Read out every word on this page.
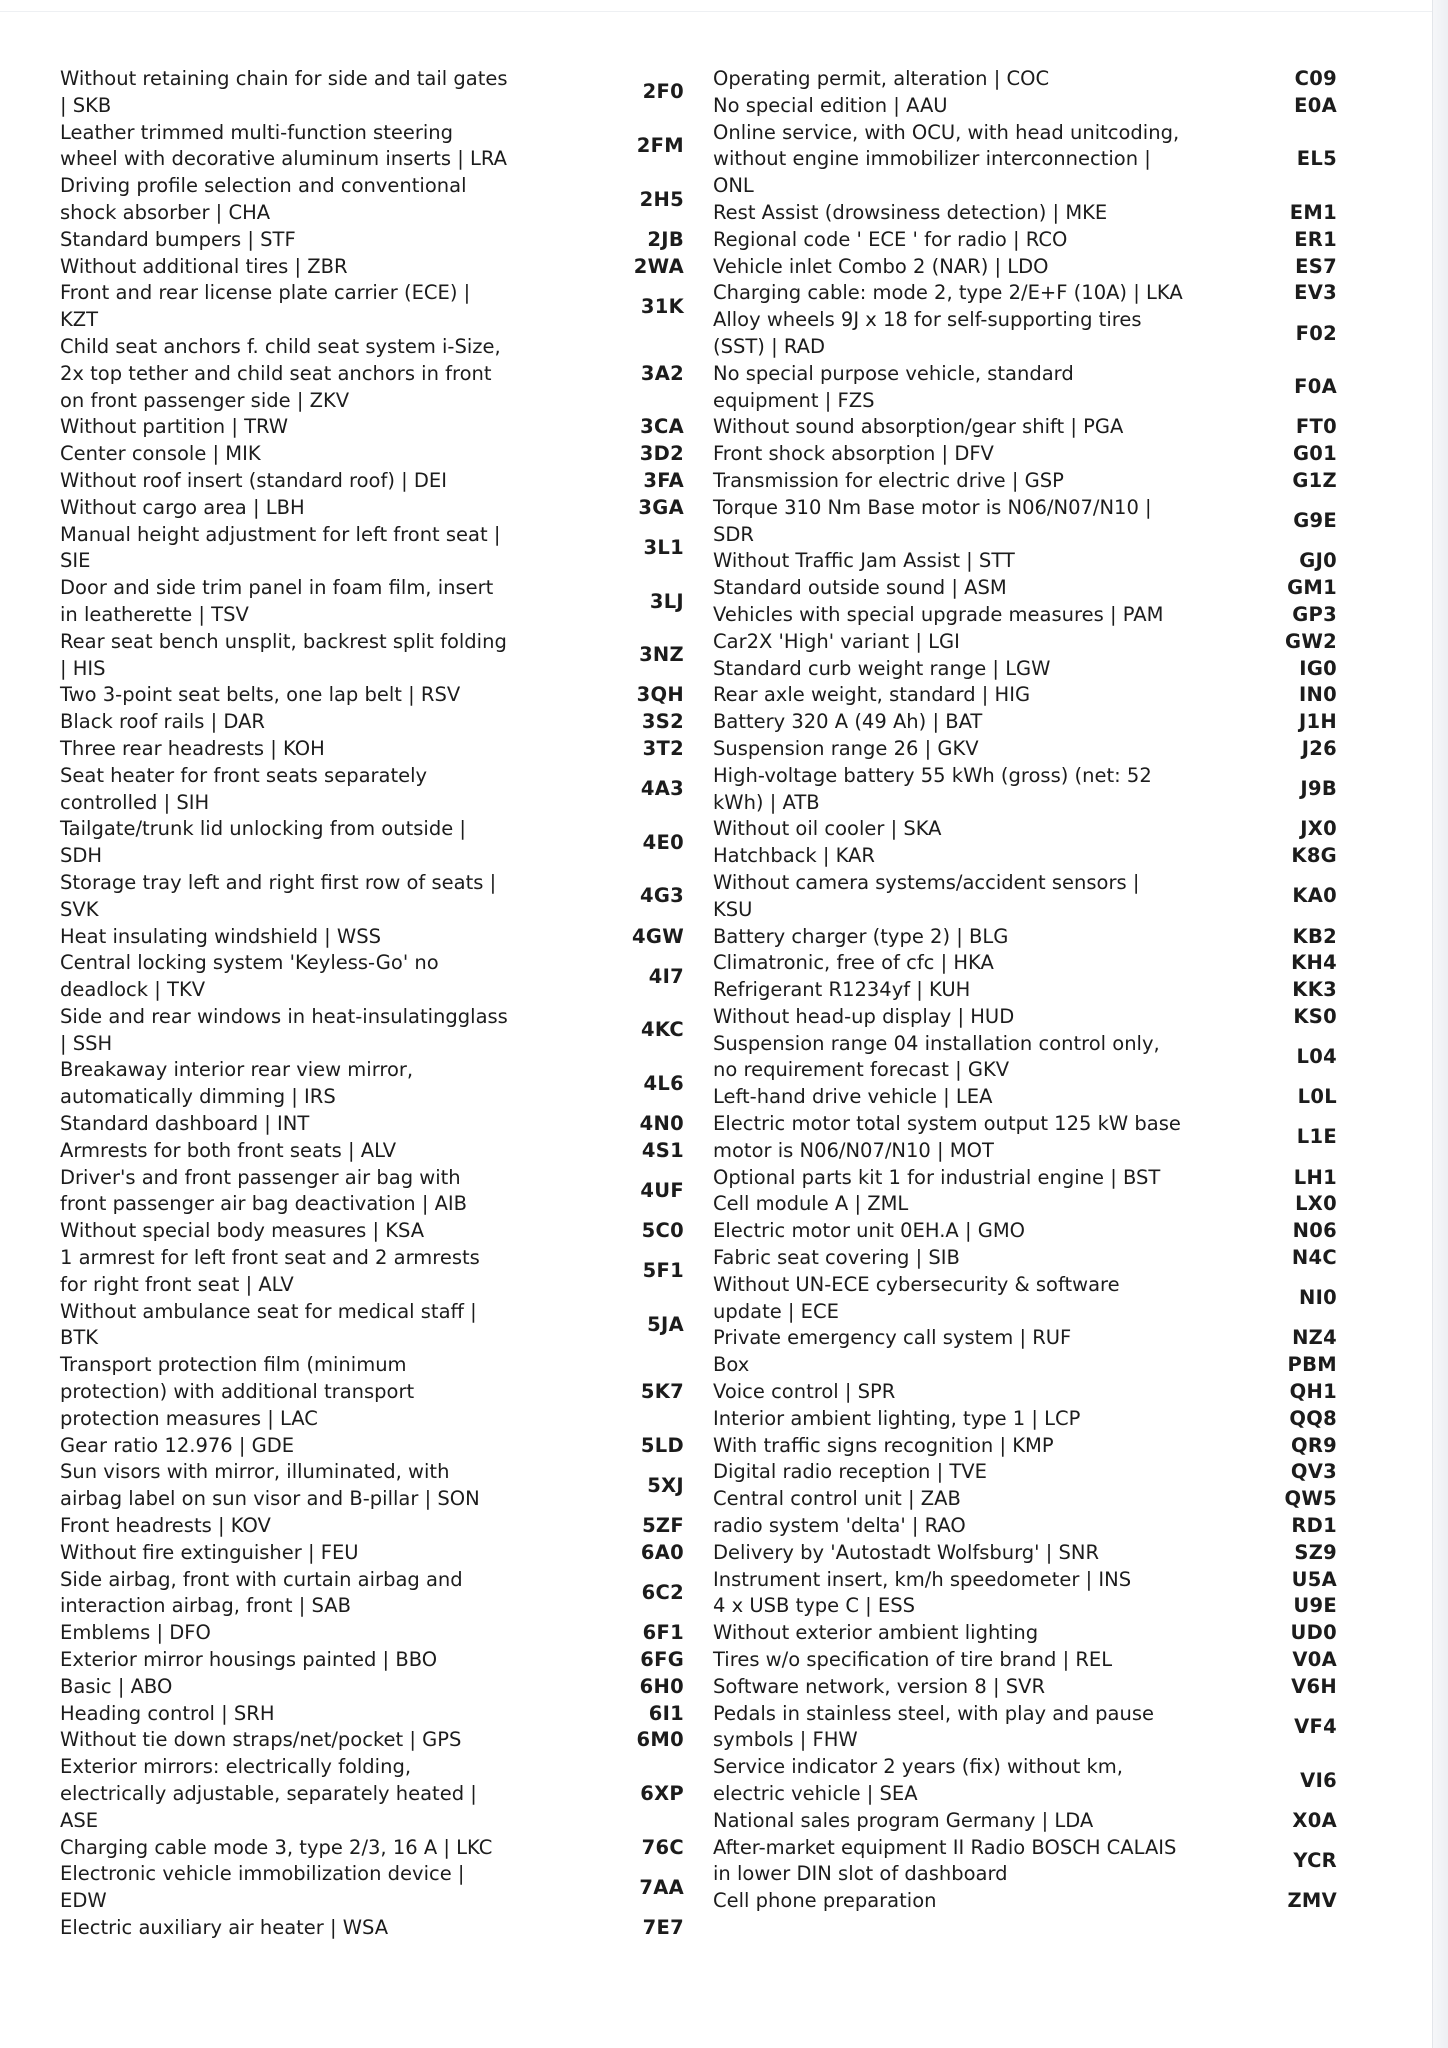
Without retaining chain for side and tail gates | SKB	2F0
Leather trimmed multi-function steering wheel with decorative aluminum inserts | LRA	2FM
Driving profile selection and conventional shock absorber | CHA	2H5
Standard bumpers | STF	2JB
Without additional tires | ZBR	2WA
Front and rear license plate carrier (ECE) | KZT	31K
Child seat anchors f. child seat system i-Size, 2x top tether and child seat anchors in front on front passenger side | ZKV	3A2
Without partition | TRW	3CA
Center console | MIK	3D2
Without roof insert (standard roof) | DEI	3FA
Without cargo area | LBH	3GA
Manual height adjustment for left front seat | SIE	3L1
Door and side trim panel in foam film, insert in leatherette | TSV	3LJ
Rear seat bench unsplit, backrest split folding | HIS	3NZ
Two 3-point seat belts, one lap belt | RSV	3QH
Black roof rails | DAR	3S2
Three rear headrests | KOH	3T2
Seat heater for front seats separately controlled | SIH	4A3
Tailgate/trunk lid unlocking from outside | SDH	4E0
Storage tray left and right first row of seats | SVK	4G3
Heat insulating windshield | WSS	4GW
Central locking system 'Keyless-Go' no deadlock | TKV	4I7
Side and rear windows in heat-insulatingglass | SSH	4KC
Breakaway interior rear view mirror, automatically dimming | IRS	4L6
Standard dashboard | INT	4N0
Armrests for both front seats | ALV	4S1
Driver's and front passenger air bag with front passenger air bag deactivation | AIB	4UF
Without special body measures | KSA	5C0
1 armrest for left front seat and 2 armrests for right front seat | ALV	5F1
Without ambulance seat for medical staff | BTK	5JA
Transport protection film (minimum protection) with additional transport protection measures | LAC	5K7
Gear ratio 12.976 | GDE	5LD
Sun visors with mirror, illuminated, with airbag label on sun visor and B-pillar | SON	5XJ
Front headrests | KOV	5ZF
Without fire extinguisher | FEU	6A0
Side airbag, front with curtain airbag and interaction airbag, front | SAB	6C2
Emblems | DFO	6F1
Exterior mirror housings painted | BBO	6FG
Basic | ABO	6H0
Heading control | SRH	6I1
Without tie down straps/net/pocket | GPS	6M0
Exterior mirrors: electrically folding, electrically adjustable, separately heated | ASE	6XP
Charging cable mode 3, type 2/3, 16 A | LKC	76C
Electronic vehicle immobilization device | EDW	7AA
Electric auxiliary air heater | WSA	7E7
Operating permit, alteration | COC	C09
No special edition | AAU	E0A
Online service, with OCU, with head unitcoding, without engine immobilizer interconnection | ONL	EL5
Rest Assist (drowsiness detection) | MKE	EM1
Regional code ' ECE ' for radio | RCO	ER1
Vehicle inlet Combo 2 (NAR) | LDO	ES7
Charging cable: mode 2, type 2/E+F (10A) | LKA	EV3
Alloy wheels 9J x 18 for self-supporting tires (SST) | RAD	F02
No special purpose vehicle, standard equipment | FZS	F0A
Without sound absorption/gear shift | PGA	FT0
Front shock absorption | DFV	G01
Transmission for electric drive | GSP	G1Z
Torque 310 Nm Base motor is N06/N07/N10 | SDR	G9E
Without Traffic Jam Assist | STT	GJ0
Standard outside sound | ASM	GM1
Vehicles with special upgrade measures | PAM	GP3
Car2X 'High' variant | LGI	GW2
Standard curb weight range | LGW	IG0
Rear axle weight, standard | HIG	IN0
Battery 320 A (49 Ah) | BAT	J1H
Suspension range 26 | GKV	J26
High-voltage battery 55 kWh (gross) (net: 52 kWh) | ATB	J9B
Without oil cooler | SKA	JX0
Hatchback | KAR	K8G
Without camera systems/accident sensors | KSU	KA0
Battery charger (type 2) | BLG	KB2
Climatronic, free of cfc | HKA	KH4
Refrigerant R1234yf | KUH	KK3
Without head-up display | HUD	KS0
Suspension range 04 installation control only, no requirement forecast | GKV	L04
Left-hand drive vehicle | LEA	L0L
Electric motor total system output 125 kW base motor is N06/N07/N10 | MOT	L1E
Optional parts kit 1 for industrial engine | BST	LH1
Cell module A | ZML	LX0
Electric motor unit 0EH.A | GMO	N06
Fabric seat covering | SIB	N4C
Without UN-ECE cybersecurity & software update | ECE	NI0
Private emergency call system | RUF	NZ4
Box	PBM
Voice control | SPR	QH1
Interior ambient lighting, type 1 | LCP	QQ8
With traffic signs recognition | KMP	QR9
Digital radio reception | TVE	QV3
Central control unit | ZAB	QW5
radio system 'delta' | RAO	RD1
Delivery by 'Autostadt Wolfsburg' | SNR	SZ9
Instrument insert, km/h speedometer | INS	U5A
4 x USB type C | ESS	U9E
Without exterior ambient lighting	UD0
Tires w/o specification of tire brand | REL	V0A
Software network, version 8 | SVR	V6H
Pedals in stainless steel, with play and pause symbols | FHW	VF4
Service indicator 2 years (fix) without km, electric vehicle | SEA	VI6
National sales program Germany | LDA	X0A
After-market equipment II Radio BOSCH CALAIS in lower DIN slot of dashboard	YCR
Cell phone preparation	ZMV
